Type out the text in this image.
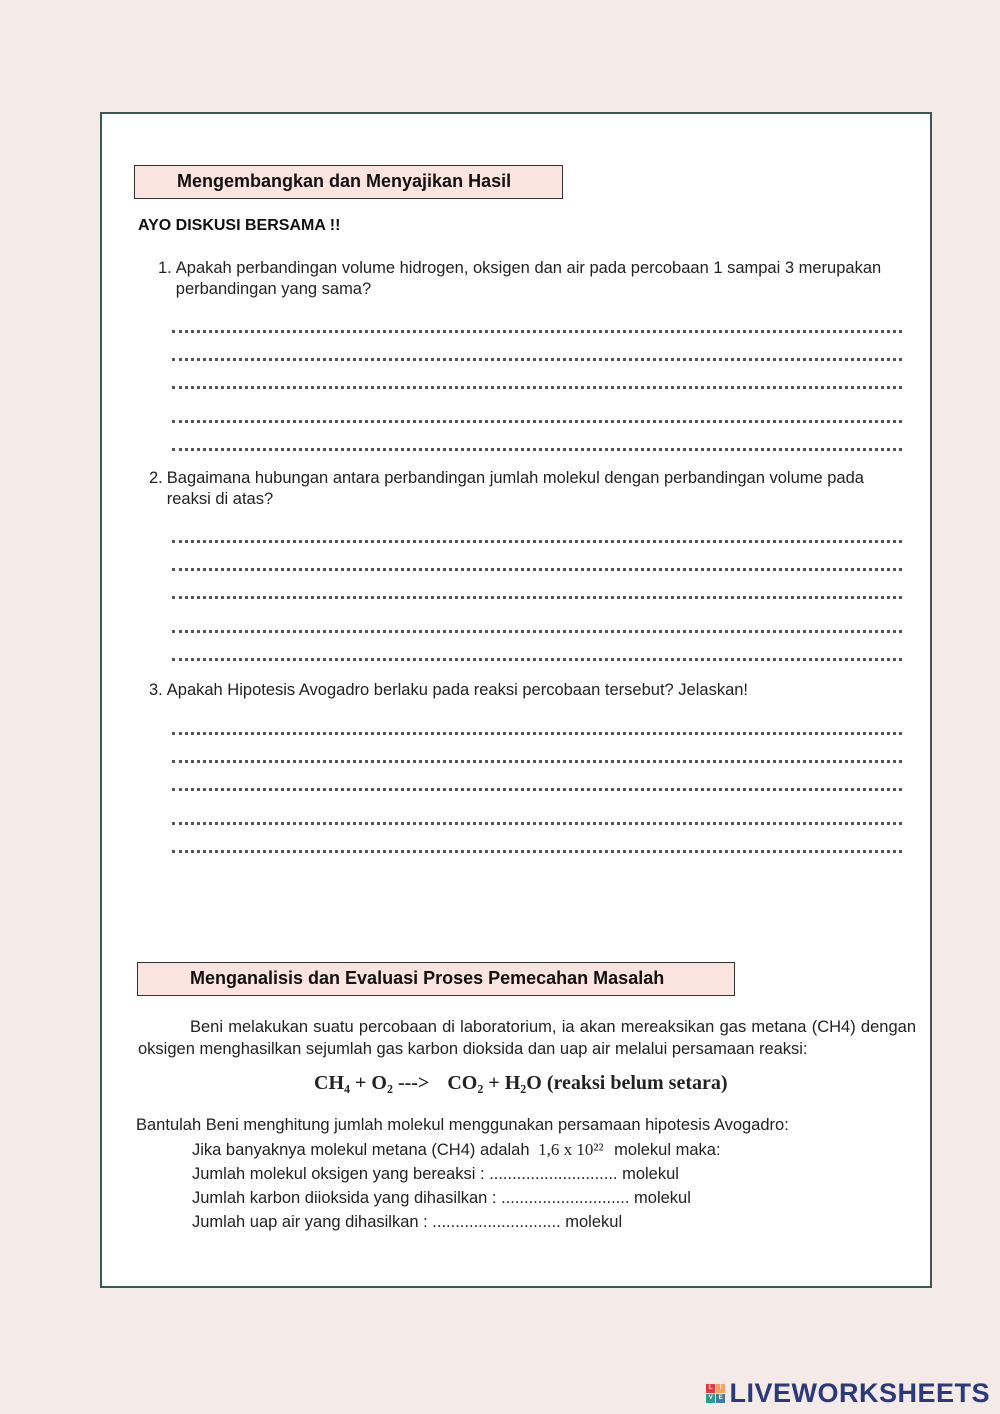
Mengembangkan dan Menyajikan Hasil
AYO DISKUSI BERSAMA !!
1. Apakah perbandingan volume hidrogen, oksigen dan air pada percobaan 1 sampai 3 merupakan perbandingan yang sama?
2. Bagaimana hubungan antara perbandingan jumlah molekul dengan perbandingan volume pada reaksi di atas?
3. Apakah Hipotesis Avogadro berlaku pada reaksi percobaan tersebut? Jelaskan!
Menganalisis dan Evaluasi Proses Pemecahan Masalah
Beni melakukan suatu percobaan di laboratorium, ia akan mereaksikan gas metana (CH4) dengan oksigen menghasilkan sejumlah gas karbon dioksida dan uap air melalui persamaan reaksi:
CH₄ + O₂ ---> CO₂ + H₂O (reaksi belum setara)
Bantulah Beni menghitung jumlah molekul menggunakan persamaan hipotesis Avogadro:
Jika banyaknya molekul metana (CH4) adalah 1,6 x 10²² molekul maka:
Jumlah molekul oksigen yang bereaksi : ............................ molekul
Jumlah karbon diioksida yang dihasilkan : ............................ molekul
Jumlah uap air yang dihasilkan : ............................ molekul
L	I
V E LIVEWORKSHEETS
